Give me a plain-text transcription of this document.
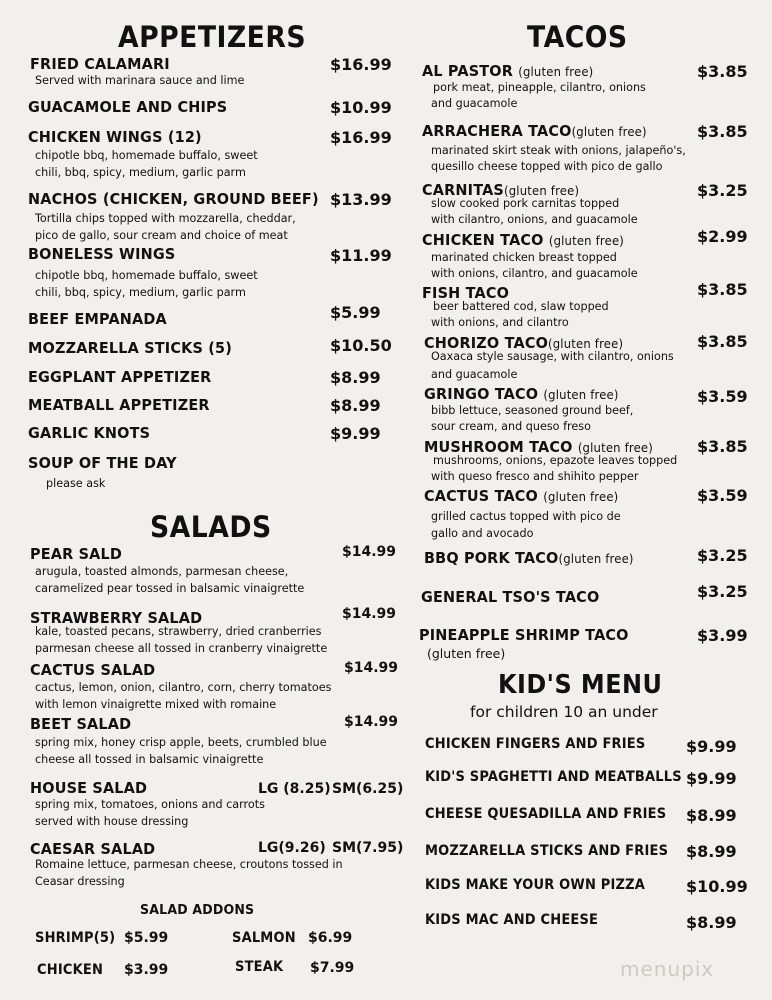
APPETIZERS
FRIED CALAMARI	$16.99
Served with marinara sauce and lime
GUACAMOLE AND CHIPS	$10.99
CHICKEN WINGS (12)	$16.99
chipotle bbq, homemade buffalo, sweet
chili, bbq, spicy, medium, garlic parm
NACHOS (CHICKEN, GROUND BEEF) $13.99
Tortilla chips topped with mozzarella, cheddar,
pico de gallo, sour cream and choice of meat
BONELESS WINGS	$11.99
chipotle bbq, homemade buffalo, sweet
chili, bbq, spicy, medium, garlic parm
BEEF EMPANADA	$5.99
MOZZARELLA STICKS (5)	$10.50
EGGPLANT APPETIZER	$8.99
MEATBALL APPETIZER	$8.99
GARLIC KNOTS	$9.99
SOUP OF THE DAY
please ask
SALADS
PEAR SALD	$14.99
arugula, toasted almonds, parmesan cheese,
caramelized pear tossed in balsamic vinaigrette
STRAWBERRY SALAD	$14.99
kale, toasted pecans, strawberry, dried cranberries
parmesan cheese all tossed in cranberry vinaigrette
CACTUS SALAD	$14.99
cactus, lemon, onion, cilantro, corn, cherry tomatoes
with lemon vinaigrette mixed with romaine
BEET SALAD	$14.99
spring mix, honey crisp apple, beets, crumbled blue
cheese all tossed in balsamic vinaigrette
HOUSE SALAD	LG (8.25) SM(6.25)
spring mix, tomatoes, onions and carrots
served with house dressing
CAESAR SALAD	LG(9.26) SM(7.95)
Romaine lettuce, parmesan cheese, croutons tossed in
Ceasar dressing
SALAD ADDONS
SHRIMP(5) $5.99	SALMON $6.99
CHICKEN $3.99	STEAK $7.99
TACOS
AL PASTOR (gluten free)	$3.85
pork meat, pineapple, cilantro, onions
and guacamole
ARRACHERA TACO(gluten free)	$3.85
marinated skirt steak with onions, jalapeño's,
quesillo cheese topped with pico de gallo
CARNITAS(gluten free)	$3.25
slow cooked pork carnitas topped
with cilantro, onions, and guacamole
CHICKEN TACO (gluten free)	$2.99
marinated chicken breast topped
with onions, cilantro, and guacamole
FISH TACO	$3.85
beer battered cod, slaw topped
with onions, and cilantro
CHORIZO TACO(gluten free)	$3.85
Oaxaca style sausage, with cilantro, onions
and guacamole
GRINGO TACO (gluten free)	$3.59
bibb lettuce, seasoned ground beef,
sour cream, and queso freso
MUSHROOM TACO (gluten free)	$3.85
mushrooms, onions, epazote leaves topped
with queso fresco and shihito pepper
CACTUS TACO (gluten free)	$3.59
grilled cactus topped with pico de
gallo and avocado
BBQ PORK TACO(gluten free)	$3.25
GENERAL TSO'S TACO	$3.25
PINEAPPLE SHRIMP TACO	$3.99
(gluten free)
KID'S MENU
for children 10 an under
CHICKEN FINGERS AND FRIES	$9.99
KID'S SPAGHETTI AND MEATBALLS $9.99
CHEESE QUESADILLA AND FRIES $8.99
MOZZARELLA STICKS AND FRIES $8.99
KIDS MAKE YOUR OWN PIZZA	$10.99
KIDS MAC AND CHEESE	$8.99
menupix
